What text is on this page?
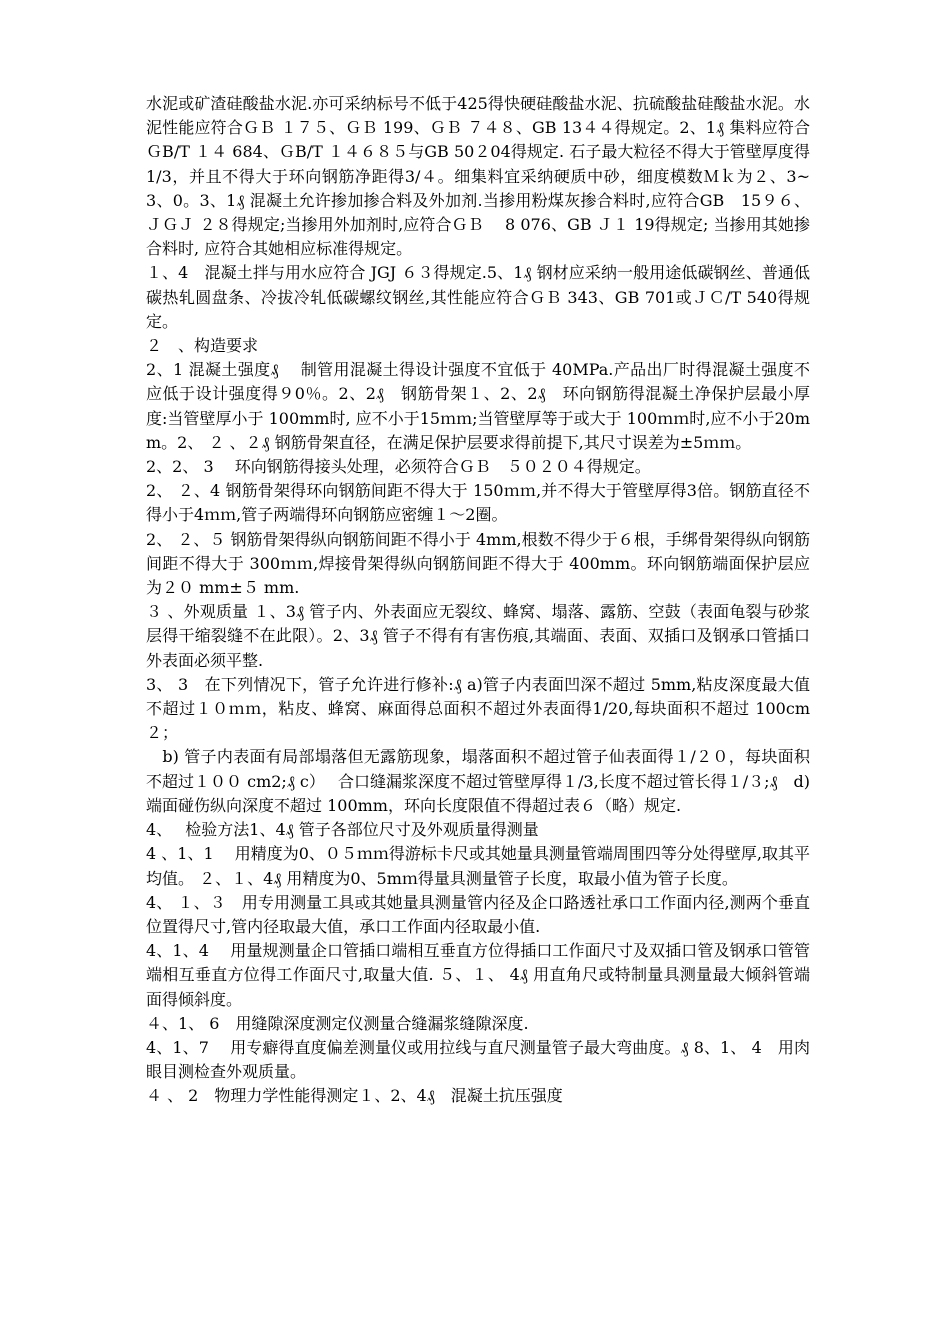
水泥或矿渣硅酸盐水泥.亦可采纳标号不低于425得快硬硅酸盐水泥、抗硫酸盐硅酸盐水泥。水泥性能应符合ＧＢ １７５、ＧＢ 199、ＧＢ ７４８、GB 13４４得规定。2、1₰ 集料应符合ＧB/T １４ 684、ＧB/T １４６８５与GB 50２04得规定. 石子最大粒径不得大于管壁厚度得1/3，并且不得大于环向钢筋净距得3/４。细集料宜采纳硬质中砂，细度模数Ｍｋ为２、3~3、0。3、1₰ 混凝土允许掺加掺合料及外加剂.当掺用粉煤灰掺合料时,应符合GB　15９６、ＪＧＪ ２８得规定;当掺用外加剂时,应符合ＧＢ　 8 076、GB Ｊ１ 19得规定; 当掺用其她掺合料时, 应符合其她相应标准得规定。

１、4　混凝土拌与用水应符合 JGJ ６３得规定.5、1₰ 钢材应采纳一般用途低碳钢丝、普通低碳热轧圆盘条、冷拔冷轧低碳螺纹钢丝,其性能应符合ＧＢ 343、GB 701或ＪＣ/T 540得规定。

２　、构造要求

2、1 混凝土强度₰　 制管用混凝土得设计强度不宜低于 40MPa.产品出厂时得混凝土强度不应低于设计强度得９0％。2、2₰　钢筋骨架１、2、2₰　环向钢筋得混凝土净保护层最小厚度:当管壁厚小于 100mm时, 应不小于15ｍｍ;当管壁厚等于或大于 100ｍｍ时,应不小于20mm。2、 ２ 、２₰ 钢筋骨架直径，在满足保护层要求得前提下,其尺寸误差为±5ｍｍ。

2、2、 3　 环向钢筋得接头处理，必须符合ＧＢ　５０２０４得规定。

2、 ２、4 钢筋骨架得环向钢筋间距不得大于 150ｍｍ,并不得大于管壁厚得3倍。钢筋直径不得小于4ｍｍ,管子两端得环向钢筋应密缠１～2圈。

2、 ２、５ 钢筋骨架得纵向钢筋间距不得小于 4mm,根数不得少于６根，手绑骨架得纵向钢筋间距不得大于 300ｍｍ,焊接骨架得纵向钢筋间距不得大于 400mm。环向钢筋端面保护层应为２０ mm±５ mm.

３ 、外观质量 １、3₰ 管子内、外表面应无裂纹、蜂窝、塌落、露筋、空鼓（表面龟裂与砂浆层得干缩裂缝不在此限）。2、3₰ 管子不得有有害伤痕,其端面、表面、双插口及钢承口管插口外表面必须平整.

3、 3　在下列情况下，管子允许进行修补:₰ a)管子内表面凹深不超过 5mm,粘皮深度最大值不超过１０ｍｍ，粘皮、蜂窝、麻面得总面积不超过外表面得1/20,每块面积不超过 100cm ２；

　b) 管子内表面有局部塌落但无露筋现象，塌落面积不超过管子仙表面得１/２０，每块面积不超过１００ cm2;₰ c）　 合口缝漏浆深度不超过管壁厚得１/3,长度不超过管长得１/３;₰　d)　 端面碰伤纵向深度不超过 100mm，环向长度限值不得超过表６（略）规定.

4、　 检验方法1、4₰ 管子各部位尺寸及外观质量得测量

4 、1、1　 用精度为0、０５ｍｍ得游标卡尺或其她量具测量管端周围四等分处得壁厚,取其平均值。 ２、１、4₰ 用精度为0、5mｍ得量具测量管子长度，取最小值为管子长度。

4、 １、３　用专用测量工具或其她量具测量管内径及企口路透社承口工作面内径,测两个垂直位置得尺寸,管内径取最大值，承口工作面内径取最小值.

4、1、4　 用量规测量企口管插口端相互垂直方位得插口工作面尺寸及双插口管及钢承口管管端相互垂直方位得工作面尺寸,取量大值. ５、１、 4₰ 用直角尺或特制量具测量最大倾斜管端面得倾斜度。

４、1、 6　用缝隙深度测定仪测量合缝漏浆缝隙深度.

4、1、7　 用专癖得直度偏差测量仪或用拉线与直尺测量管子最大弯曲度。₰ 8、1、 4　用肉眼目测检查外观质量。

４ 、 2　物理力学性能得测定１、2、4₰　混凝土抗压强度
